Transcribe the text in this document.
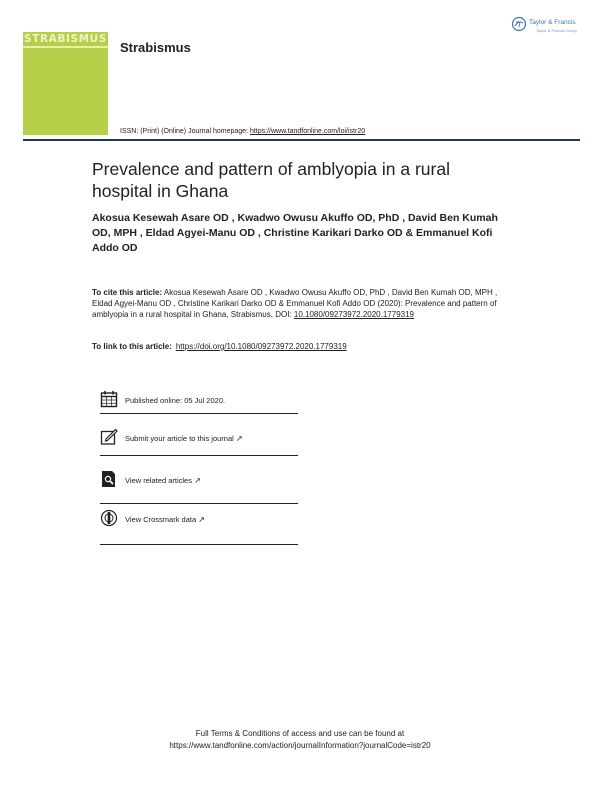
STRABISMUS
Strabismus
Taylor & Francis
Taylor & Francis Group
ISSN: (Print) (Online) Journal homepage: https://www.tandfonline.com/loi/istr20
Prevalence and pattern of amblyopia in a rural hospital in Ghana
Akosua Kesewah Asare OD , Kwadwo Owusu Akuffo OD, PhD , David Ben Kumah OD, MPH , Eldad Agyei-Manu OD , Christine Karikari Darko OD & Emmanuel Kofi Addo OD
To cite this article: Akosua Kesewah Asare OD , Kwadwo Owusu Akuffo OD, PhD , David Ben Kumah OD, MPH , Eldad Agyei-Manu OD , Christine Karikari Darko OD & Emmanuel Kofi Addo OD (2020): Prevalence and pattern of amblyopia in a rural hospital in Ghana, Strabismus, DOI: 10.1080/09273972.2020.1779319
To link to this article: https://doi.org/10.1080/09273972.2020.1779319
Published online: 05 Jul 2020.
Submit your article to this journal ↗︎
View related articles ↗︎
View Crossmark data ↗︎
Full Terms & Conditions of access and use can be found at
https://www.tandfonline.com/action/journalInformation?journalCode=istr20
